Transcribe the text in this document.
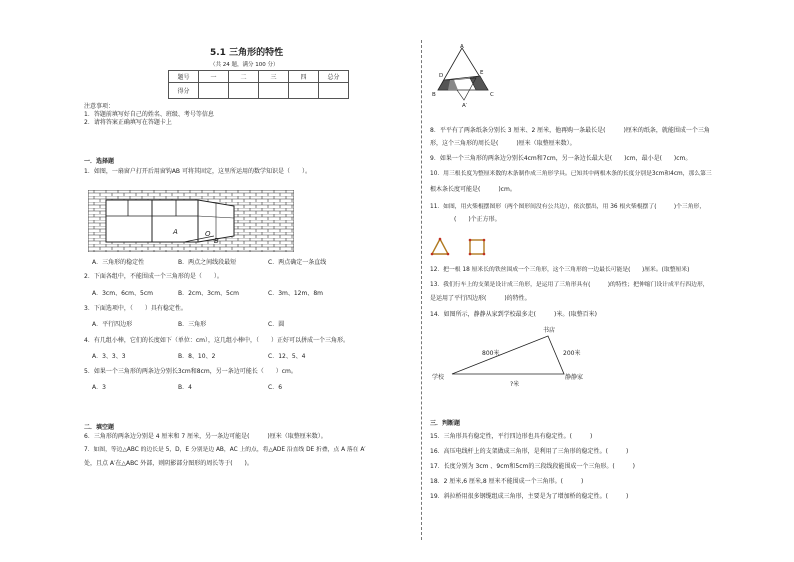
5.1 三角形的特性
（共 24 题，满分 100 分）
题号	一	二	三	四	总分
得分					
注意事项：
1．答题前填写好自己的姓名、班级、考号等信息
2．请将答案正确填写在答题卡上
一．选择题
1．如图，一扇窗户打开后用窗钩AB 可将其固定，这里所运用的数学知识是（　　）。
A	O
B
A．三角形的稳定性	B．两点之间线段最短	C．两点确定一条直线
2．下面各组中，不能围成一个三角形的是（　　）。
A．3cm、6cm、5cm	B．2cm、3cm、5cm	C．3m、12m、8m
3．下面选项中，（　　）具有稳定性。
A．平行四边形	B．三角形	C．圆
4．有几组小棒，它们的长度如下（单位：cm），这几组小棒中，（　　）正好可以拼成一个三角形。
A．3、3、3	B．8、10、2	C．12、5、4
5．如果一个三角形的两条边分别长3cm和8cm，另一条边可能长（　　）cm。
A．3	B．4	C．6
二．填空题
6．三角形的两条边分别是 4 厘米和 7 厘米，另一条边可能是(　　　)厘米（取整厘米数）。
7．如图，等边△ABC 的边长是 5，D，E 分别是边 AB，AC 上的点，将△ADE 沿直线 DE 折叠，点 A 落在 A′
处，且点 A′在△ABC 外部，则阴影部分图形的周长等于(　　)。
A
D	E
B	C
A′
8．平平有了两条纸条分别长 3 厘米、2 厘米，他再购一条最长是(　　　)厘米的纸条，就能围成一个三角
形，这个三角形的周长是(　　　)厘米（取整厘米数）。
9．如果一个三角形的两条边分别长4cm和7cm，另一条边长最大是(　　)cm，最小是(　　)cm。
10．用三根长度为整厘米数的木条制作成三角形学具。已知其中两根木条的长度分别是3cm和4cm，那么第三
根木条长度可能是(　　　)cm。
11．如图，用火柴棍摆图形（两个图形间没有公共边），依次摆出，用 36 根火柴棍摆了(　　　)个三角形，
(　　)个正方形。
12．把一根 18 厘米长的铁丝围成一个三角形，这个三角形的一边最长可能是(　　)厘米。(取整厘米)
13．我们行车上的支架是设计成三角形，是运用了三角形具有(　　　)的特性；把伸缩门设计成平行四边形，
是运用了平行四边形(　　　)的特性。
14．如图所示，静静从家到学校最多走(　　　)米。(取整百米)
书店
800米	200米
学校
?米
静静家
三．判断题
15．三角形具有稳定性，平行四边形也具有稳定性。(　　　)
16．高压电线杆上的支架做成三角形，是利用了三角形的稳定性。(　　　)
17．长度分别为 3cm 、9cm和5cm的三段线段能围成一个三角形。(　　　)
18．2 厘米,6 厘米,8 厘米不能围成一个三角形。(　　　)
19．斜拉桥用很多钢缆组成三角形，主要是为了增加桥的稳定性。(　　　)
